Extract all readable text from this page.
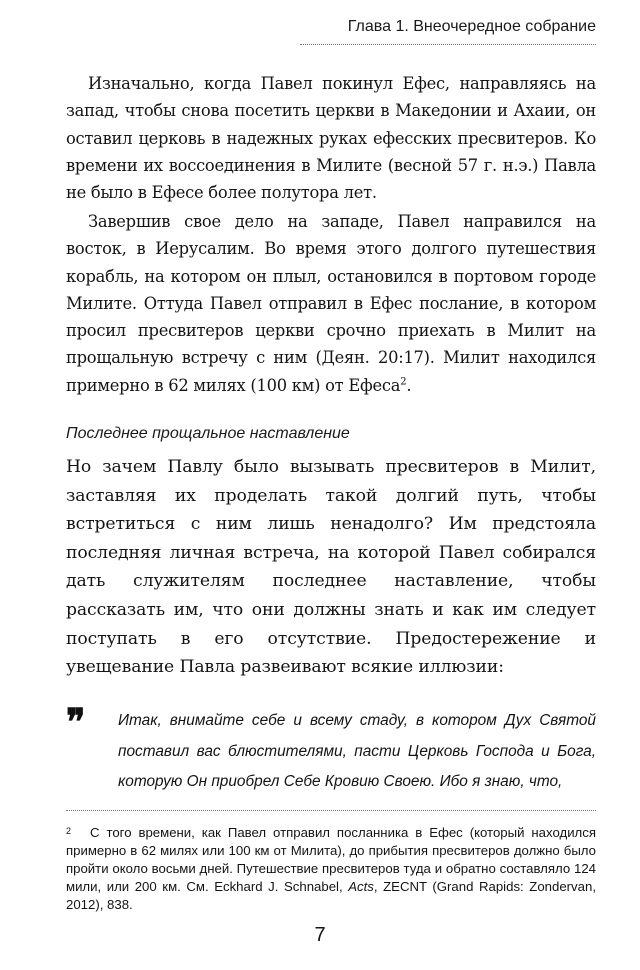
Глава 1. Внеочередное собрание

Изначально, когда Павел покинул Ефес, направляясь на запад, чтобы снова посетить церкви в Македонии и Ахаии, он оставил церковь в надежных руках ефесских пресвитеров. Ко времени их воссоединения в Милите (весной 57 г. н.э.) Павла не было в Ефесе более полутора лет.

Завершив свое дело на западе, Павел направился на восток, в Иерусалим. Во время этого долгого путешествия корабль, на котором он плыл, остановился в портовом городе Милите. Оттуда Павел отправил в Ефес послание, в котором просил пресвитеров церкви срочно приехать в Милит на прощальную встречу с ним (Деян. 20:17). Милит находился примерно в 62 милях (100 км) от Ефеса$^2$.

Последнее прощальное наставление

Но зачем Павлу было вызывать пресвитеров в Милит, заставляя их проделать такой долгий путь, чтобы встретиться с ним лишь ненадолго? Им предстояла последняя личная встреча, на которой Павел собирался дать служителям последнее наставление, чтобы рассказать им, что они должны знать и как им следует поступать в его отсутствие. Предостережение и увещевание Павла развеивают всякие иллюзии:

❞ Итак, внимайте себе и всему стаду, в котором Дух Святой поставил вас блюстителями, пасти Церковь Господа и Бога, которую Он приобрел Себе Кровию Своею. Ибо я знаю, что,

2 С того времени, как Павел отправил посланника в Ефес (который находился примерно в 62 милях или 100 км от Милита), до прибытия пресвитеров должно было пройти около восьми дней. Путешествие пресвитеров туда и обратно составляло 124 мили, или 200 км. См. Eckhard J. Schnabel, Acts, ZECNT (Grand Rapids: Zondervan, 2012), 838.

7
